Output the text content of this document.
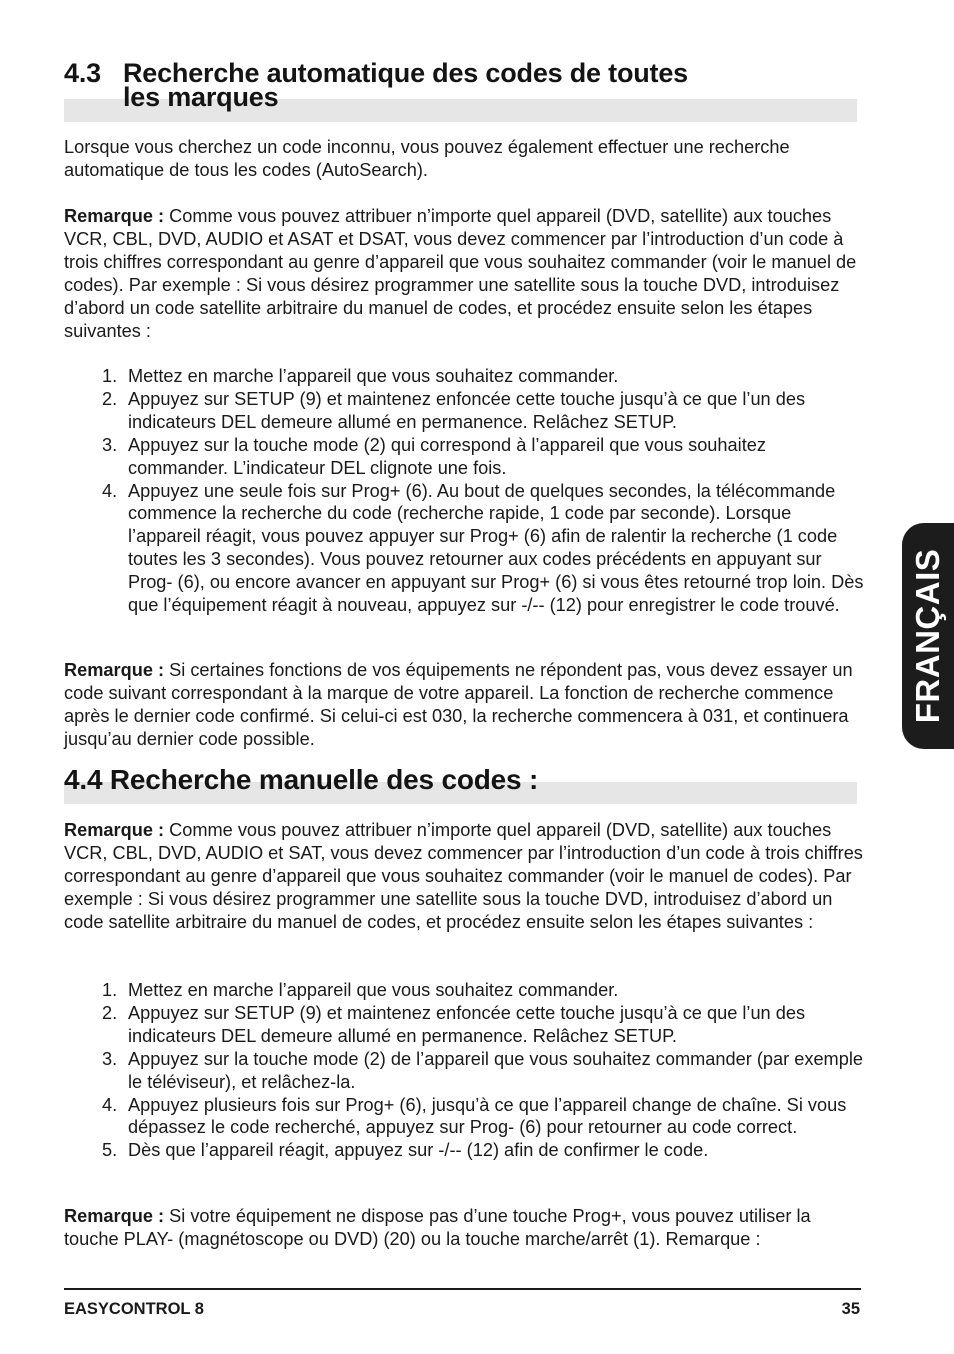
4.3 Recherche automatique des codes de toutes
les marques

Lorsque vous cherchez un code inconnu, vous pouvez également effectuer une recherche automatique de tous les codes (AutoSearch).

Remarque : Comme vous pouvez attribuer n’importe quel appareil (DVD, satellite) aux touches VCR, CBL, DVD, AUDIO et ASAT et DSAT, vous devez commencer par l’introduction d’un code à trois chiffres correspondant au genre d’appareil que vous souhaitez commander (voir le manuel de codes). Par exemple : Si vous désirez programmer une satellite sous la touche DVD, introduisez d’abord un code satellite arbitraire du manuel de codes, et procédez ensuite selon les étapes suivantes :

1. Mettez en marche l’appareil que vous souhaitez commander.
2. Appuyez sur SETUP (9) et maintenez enfoncée cette touche jusqu’à ce que l’un des indicateurs DEL demeure allumé en permanence. Relâchez SETUP.
3. Appuyez sur la touche mode (2) qui correspond à l’appareil que vous souhaitez commander. L’indicateur DEL clignote une fois.
4. Appuyez une seule fois sur Prog+ (6). Au bout de quelques secondes, la télécommande commence la recherche du code (recherche rapide, 1 code par seconde). Lorsque l’appareil réagit, vous pouvez appuyer sur Prog+ (6) afin de ralentir la recherche (1 code toutes les 3 secondes). Vous pouvez retourner aux codes précédents en appuyant sur Prog- (6), ou encore avancer en appuyant sur Prog+ (6) si vous êtes retourné trop loin. Dès que l’équipement réagit à nouveau, appuyez sur -/-- (12) pour enregistrer le code trouvé.

Remarque : Si certaines fonctions de vos équipements ne répondent pas, vous devez essayer un code suivant correspondant à la marque de votre appareil. La fonction de recherche commence après le dernier code confirmé. Si celui-ci est 030, la recherche commencera à 031, et continuera jusqu’au dernier code possible.

4.4 Recherche manuelle des codes :

Remarque : Comme vous pouvez attribuer n’importe quel appareil (DVD, satellite) aux touches VCR, CBL, DVD, AUDIO et SAT, vous devez commencer par l’introduction d’un code à trois chiffres correspondant au genre d’appareil que vous souhaitez commander (voir le manuel de codes). Par exemple : Si vous désirez programmer une satellite sous la touche DVD, introduisez d’abord un code satellite arbitraire du manuel de codes, et procédez ensuite selon les étapes suivantes :

1. Mettez en marche l’appareil que vous souhaitez commander.
2. Appuyez sur SETUP (9) et maintenez enfoncée cette touche jusqu’à ce que l’un des indicateurs DEL demeure allumé en permanence. Relâchez SETUP.
3. Appuyez sur la touche mode (2) de l’appareil que vous souhaitez commander (par exemple le téléviseur), et relâchez-la.
4. Appuyez plusieurs fois sur Prog+ (6), jusqu’à ce que l’appareil change de chaîne. Si vous dépassez le code recherché, appuyez sur Prog- (6) pour retourner au code correct.
5. Dès que l’appareil réagit, appuyez sur -/-- (12) afin de confirmer le code.

Remarque : Si votre équipement ne dispose pas d’une touche Prog+, vous pouvez utiliser la touche PLAY- (magnétoscope ou DVD) (20) ou la touche marche/arrêt (1). Remarque :

FRANÇAIS
EASYCONTROL 8	35
